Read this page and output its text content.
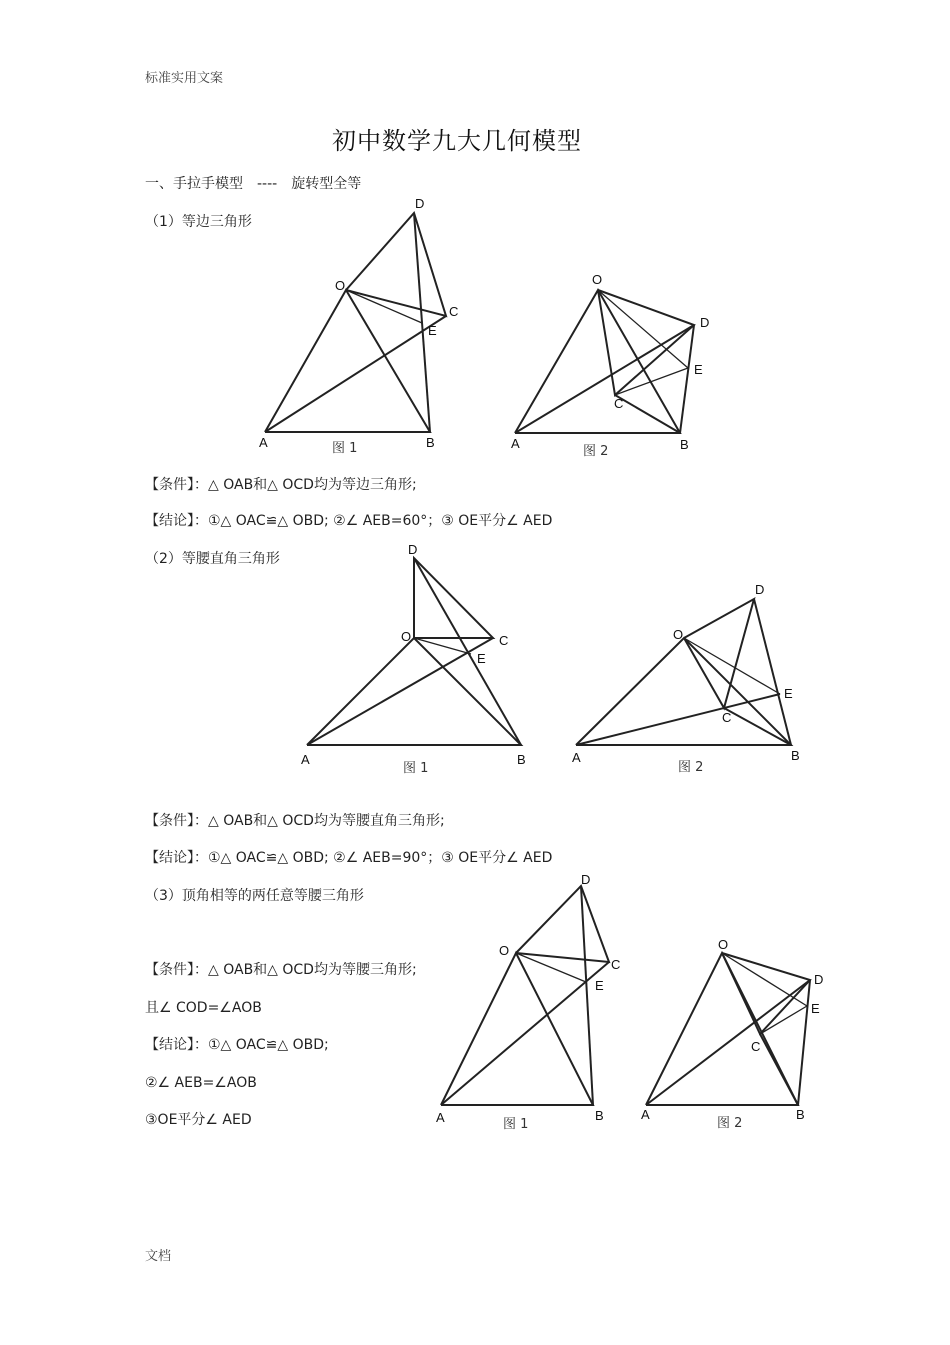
标准实用文案
初中数学九大几何模型
一、手拉手模型　----　旋转型全等
（1）等边三角形
【条件】：△ OAB和△ OCD均为等边三角形;
【结论】：①△ OAC≌△ OBD; ②∠ AEB=60°；③ OE平分∠ AED
（2）等腰直角三角形
【条件】：△ OAB和△ OCD均为等腰直角三角形;
【结论】：①△ OAC≌△ OBD; ②∠ AEB=90°；③ OE平分∠ AED
（3）顶角相等的两任意等腰三角形
【条件】：△ OAB和△ OCD均为等腰三角形;
且∠ COD=∠AOB
【结论】：①△ OAC≌△ OBD;
②∠ AEB=∠AOB
③OE平分∠ AED
文档
A	B
O
D
C
E
图 1	A	B
O
D
E
C
图 2
A	B
O
D
C
E
图 1
A	B
O
D
E
C
图 2
A	B
O
D
C
E
图 1
A	B
O
D
E
C
图 2
